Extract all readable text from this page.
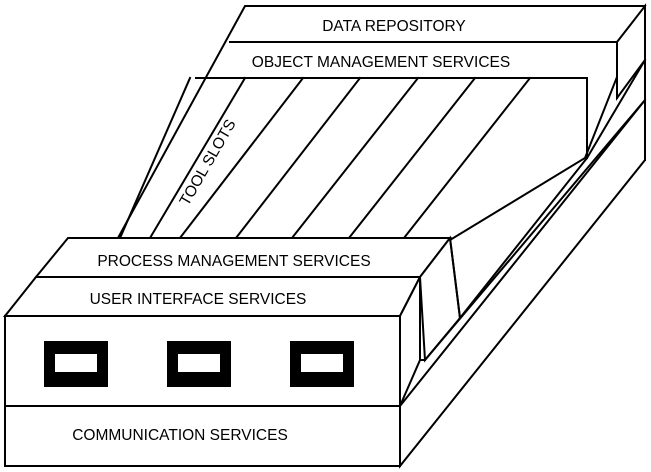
DATA REPOSITORY
OBJECT MANAGEMENT SERVICES
TOOL SLOTS
PROCESS MANAGEMENT SERVICES
USER INTERFACE SERVICES
COMMUNICATION SERVICES
